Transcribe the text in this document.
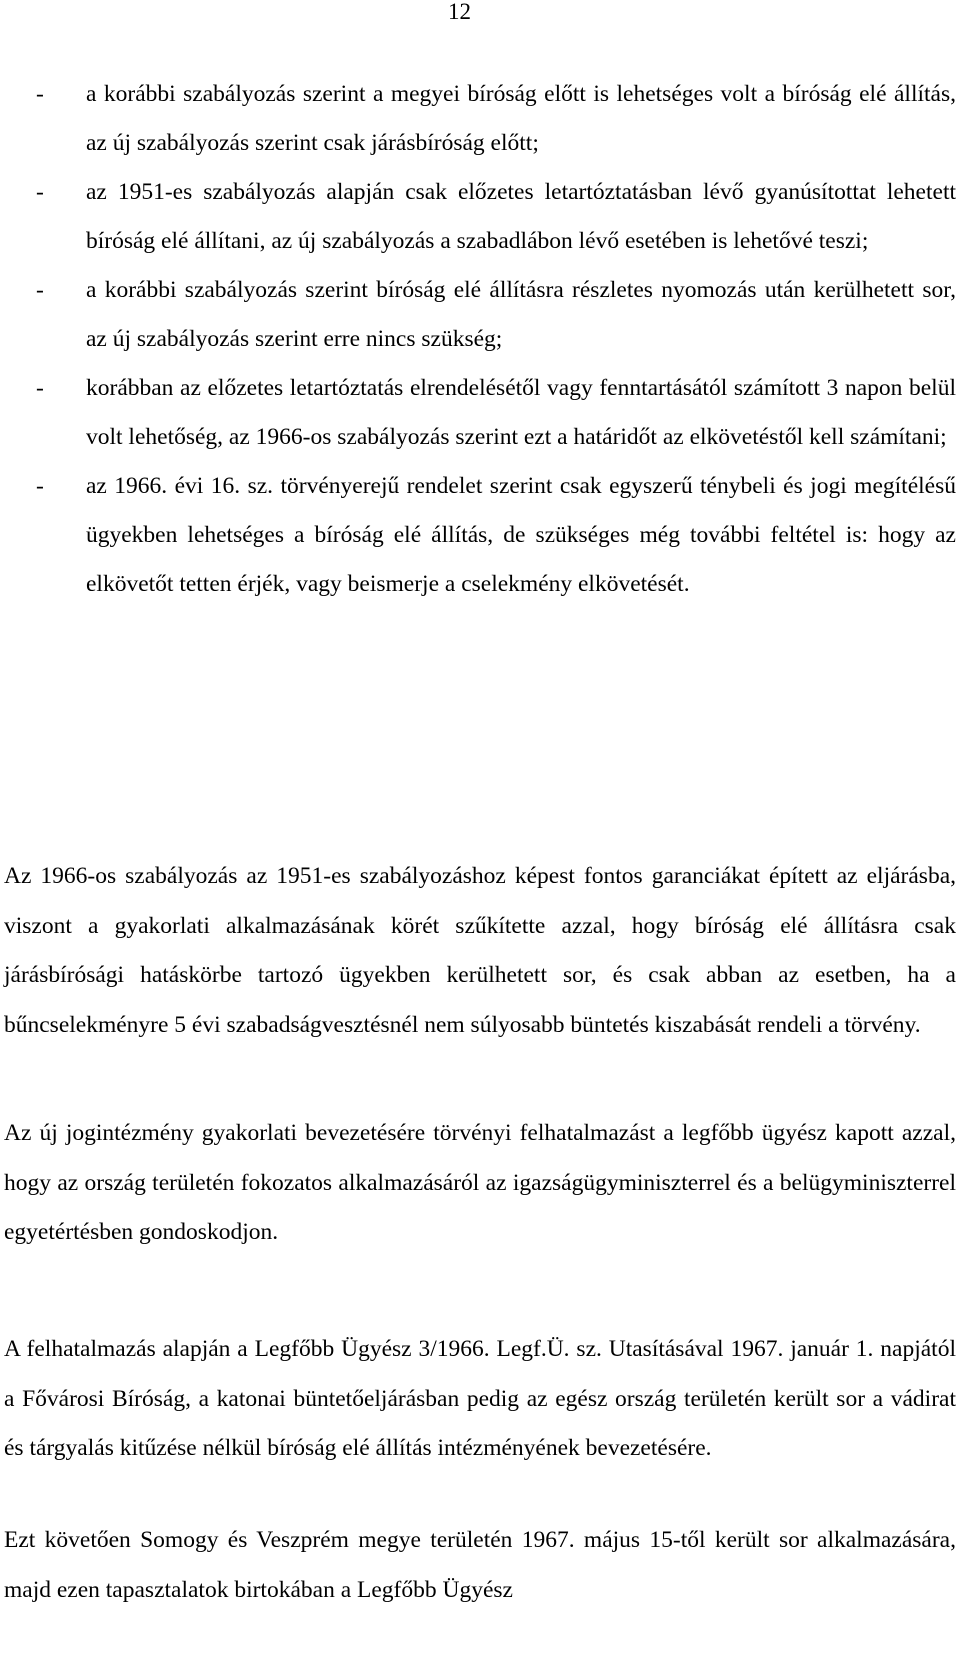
12
-	a korábbi szabályozás szerint a megyei bíróság előtt is lehetséges volt a bíróság elé állítás, az új szabályozás szerint csak járásbíróság előtt;
-	az 1951-es szabályozás alapján csak előzetes letartóztatásban lévő gyanúsítottat lehetett bíróság elé állítani, az új szabályozás a szabadlábon lévő esetében is lehetővé teszi;
-	a korábbi szabályozás szerint bíróság elé állításra részletes nyomozás után kerülhetett sor, az új szabályozás szerint erre nincs szükség;
-	korábban az előzetes letartóztatás elrendelésétől vagy fenntartásától számított 3 napon belül volt lehetőség, az 1966-os szabályozás szerint ezt a határidőt az elkövetéstől kell számítani;
-	az 1966. évi 16. sz. törvényerejű rendelet szerint csak egyszerű ténybeli és jogi megítélésű ügyekben lehetséges a bíróság elé állítás, de szükséges még további feltétel is: hogy az elkövetőt tetten érjék, vagy beismerje a cselekmény elkövetését.

Az 1966-os szabályozás az 1951-es szabályozáshoz képest fontos garanciákat épített az eljárásba, viszont a gyakorlati alkalmazásának körét szűkítette azzal, hogy bíróság elé állításra csak járásbírósági hatáskörbe tartozó ügyekben kerülhetett sor, és csak abban az esetben, ha a bűncselekményre 5 évi szabadságvesztésnél nem súlyosabb büntetés kiszabását rendeli a törvény.

Az új jogintézmény gyakorlati bevezetésére törvényi felhatalmazást a legfőbb ügyész kapott azzal, hogy az ország területén fokozatos alkalmazásáról az igazságügyminiszterrel és a belügyminiszterrel egyetértésben gondoskodjon.

A felhatalmazás alapján a Legfőbb Ügyész 3/1966. Legf.Ü. sz. Utasításával 1967. január 1. napjától a Fővárosi Bíróság, a katonai büntetőeljárásban pedig az egész ország területén került sor a vádirat és tárgyalás kitűzése nélkül bíróság elé állítás intézményének bevezetésére.

Ezt követően Somogy és Veszprém megye területén 1967. május 15-től került sor alkalmazására, majd ezen tapasztalatok birtokában a Legfőbb Ügyész
